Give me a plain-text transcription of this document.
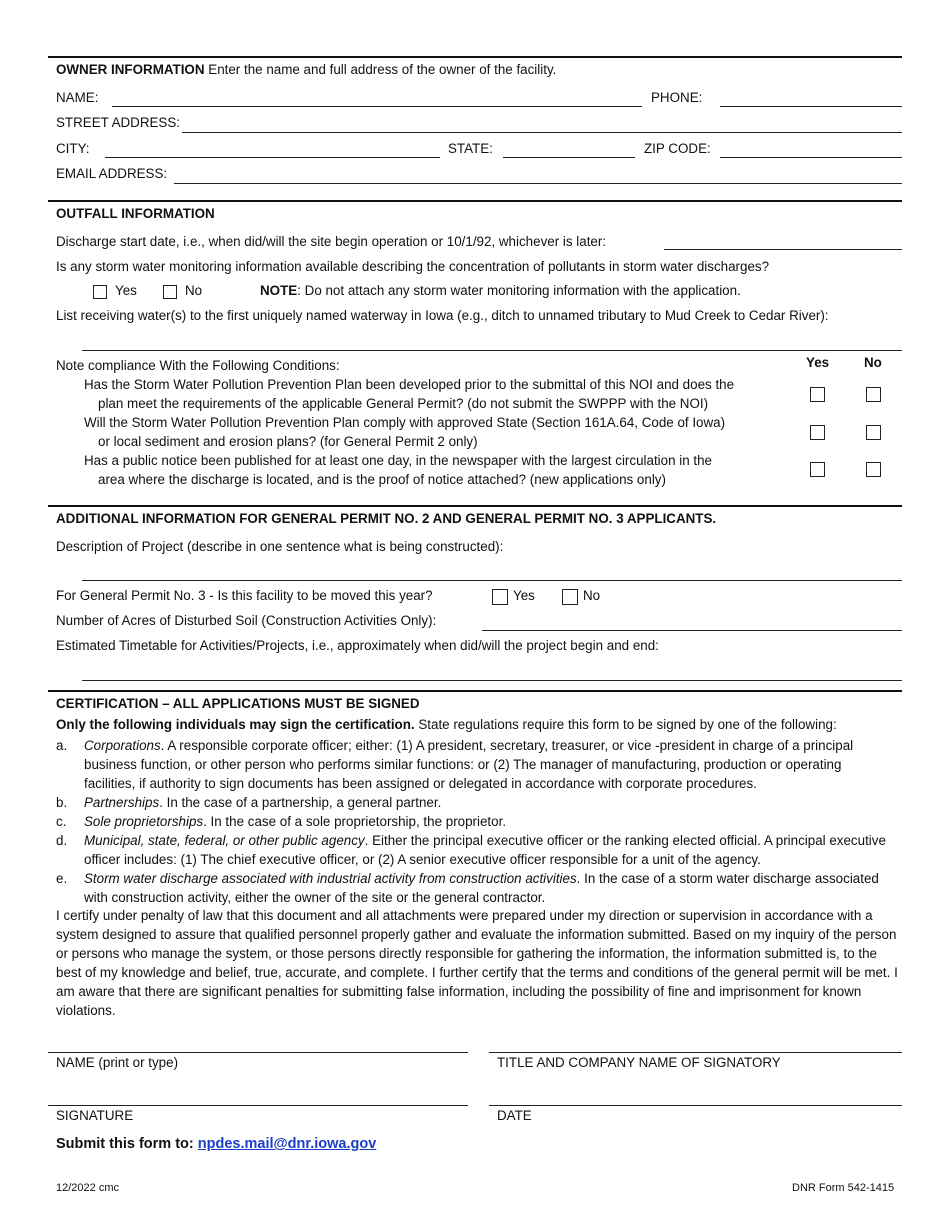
OWNER INFORMATION Enter the name and full address of the owner of the facility.
NAME:	PHONE:
STREET ADDRESS:
CITY:	STATE:	ZIP CODE:
EMAIL ADDRESS:
OUTFALL INFORMATION
Discharge start date, i.e., when did/will the site begin operation or 10/1/92, whichever is later:
Is any storm water monitoring information available describing the concentration of pollutants in storm water discharges?
Yes	No	NOTE: Do not attach any storm water monitoring information with the application.
List receiving water(s) to the first uniquely named waterway in Iowa (e.g., ditch to unnamed tributary to Mud Creek to Cedar River):
Note compliance With the Following Conditions:	Yes	No
Has the Storm Water Pollution Prevention Plan been developed prior to the submittal of this NOI and does the
plan meet the requirements of the applicable General Permit? (do not submit the SWPPP with the NOI)
Will the Storm Water Pollution Prevention Plan comply with approved State (Section 161A.64, Code of Iowa)
or local sediment and erosion plans? (for General Permit 2 only)
Has a public notice been published for at least one day, in the newspaper with the largest circulation in the
area where the discharge is located, and is the proof of notice attached? (new applications only)
ADDITIONAL INFORMATION FOR GENERAL PERMIT NO. 2 AND GENERAL PERMIT NO. 3 APPLICANTS.
Description of Project (describe in one sentence what is being constructed):
For General Permit No. 3 - Is this facility to be moved this year?	Yes	No
Number of Acres of Disturbed Soil (Construction Activities Only):
Estimated Timetable for Activities/Projects, i.e., approximately when did/will the project begin and end:
CERTIFICATION – ALL APPLICATIONS MUST BE SIGNED
Only the following individuals may sign the certification. State regulations require this form to be signed by one of the following:
a. Corporations. A responsible corporate officer; either: (1) A president, secretary, treasurer, or vice -president in charge of a principal business function, or other person who performs similar functions: or (2) The manager of manufacturing, production or operating facilities, if authority to sign documents has been assigned or delegated in accordance with corporate procedures.
b. Partnerships. In the case of a partnership, a general partner.
c. Sole proprietorships. In the case of a sole proprietorship, the proprietor.
d. Municipal, state, federal, or other public agency. Either the principal executive officer or the ranking elected official. A principal executive officer includes: (1) The chief executive officer, or (2) A senior executive officer responsible for a unit of the agency.
e. Storm water discharge associated with industrial activity from construction activities. In the case of a storm water discharge associated with construction activity, either the owner of the site or the general contractor.
I certify under penalty of law that this document and all attachments were prepared under my direction or supervision in accordance with a system designed to assure that qualified personnel properly gather and evaluate the information submitted. Based on my inquiry of the person or persons who manage the system, or those persons directly responsible for gathering the information, the information submitted is, to the best of my knowledge and belief, true, accurate, and complete. I further certify that the terms and conditions of the general permit will be met. I am aware that there are significant penalties for submitting false information, including the possibility of fine and imprisonment for known violations.
NAME (print or type)	TITLE AND COMPANY NAME OF SIGNATORY
SIGNATURE	DATE
Submit this form to: npdes.mail@dnr.iowa.gov
12/2022 cmc	DNR Form 542-1415
